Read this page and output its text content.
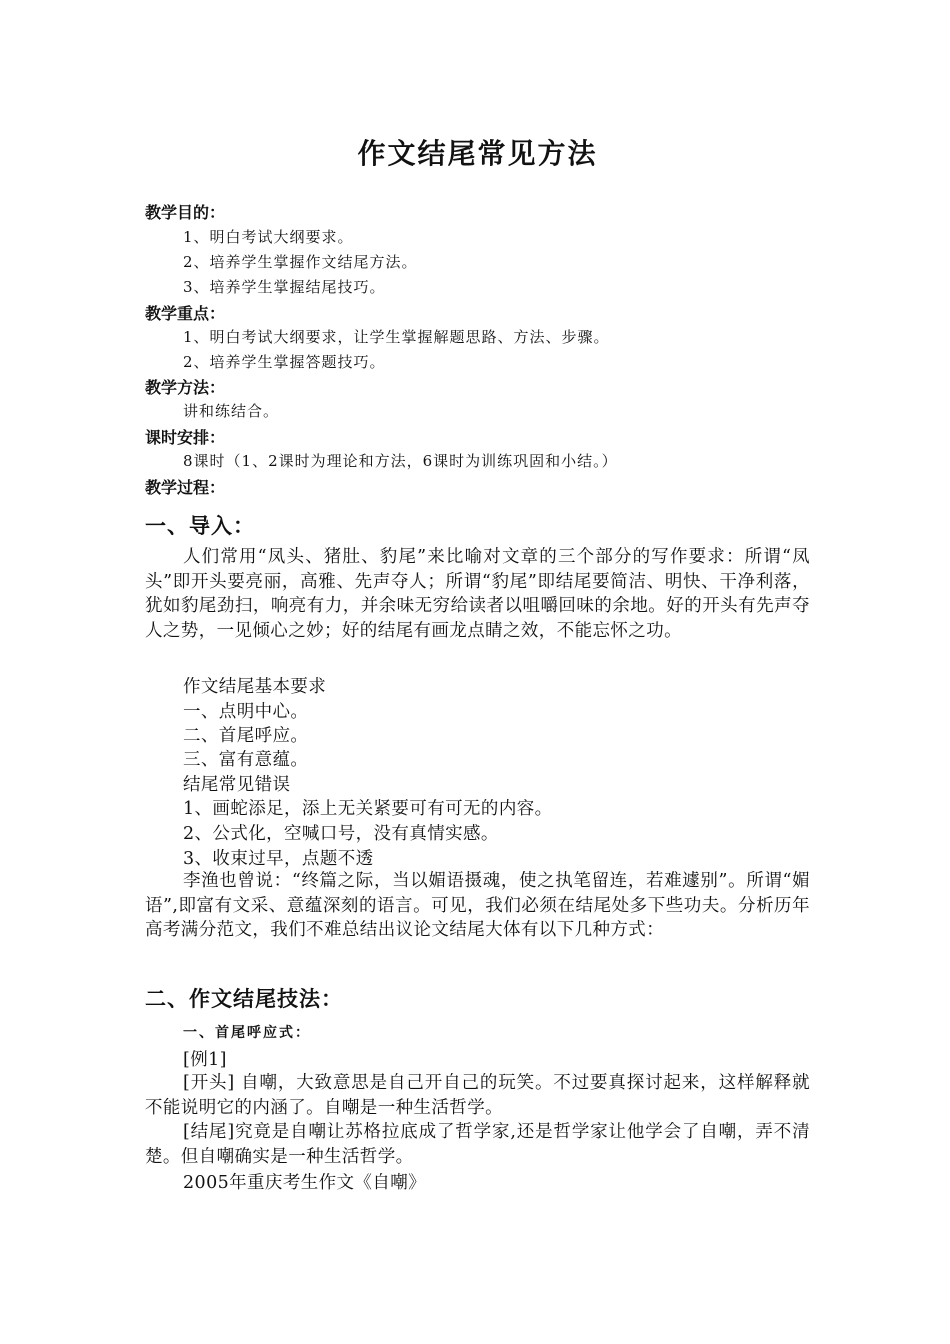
作文结尾常见方法
教学目的：
1、明白考试大纲要求。
2、培养学生掌握作文结尾方法。
3、培养学生掌握结尾技巧。
教学重点：
1、明白考试大纲要求，让学生掌握解题思路、方法、步骤。
2、培养学生掌握答题技巧。
教学方法：
讲和练结合。
课时安排：
8课时（1、2课时为理论和方法，6课时为训练巩固和小结。）
教学过程：
一、导入：
人们常用“凤头、猪肚、豹尾”来比喻对文章的三个部分的写作要求：所谓“凤头”即开头要亮丽，高雅、先声夺人；所谓“豹尾”即结尾要简洁、明快、干净利落，犹如豹尾劲扫，响亮有力，并余味无穷给读者以咀嚼回味的余地。好的开头有先声夺人之势，一见倾心之妙；好的结尾有画龙点睛之效，不能忘怀之功。
作文结尾基本要求
一、点明中心。
二、首尾呼应。
三、富有意蕴。
结尾常见错误
1、画蛇添足，添上无关紧要可有可无的内容。
2、公式化，空喊口号，没有真情实感。
3、收束过早，点题不透
李渔也曾说：“终篇之际，当以媚语摄魂，使之执笔留连，若难遽别”。所谓“媚语”,即富有文采、意蕴深刻的语言。可见，我们必须在结尾处多下些功夫。分析历年高考满分范文，我们不难总结出议论文结尾大体有以下几种方式：
二、作文结尾技法：
一、首尾呼应式：
[例1]
[开头] 自嘲，大致意思是自己开自己的玩笑。不过要真探讨起来，这样解释就不能说明它的内涵了。自嘲是一种生活哲学。
[结尾]究竟是自嘲让苏格拉底成了哲学家,还是哲学家让他学会了自嘲，弄不清楚。但自嘲确实是一种生活哲学。
2005年重庆考生作文《自嘲》
